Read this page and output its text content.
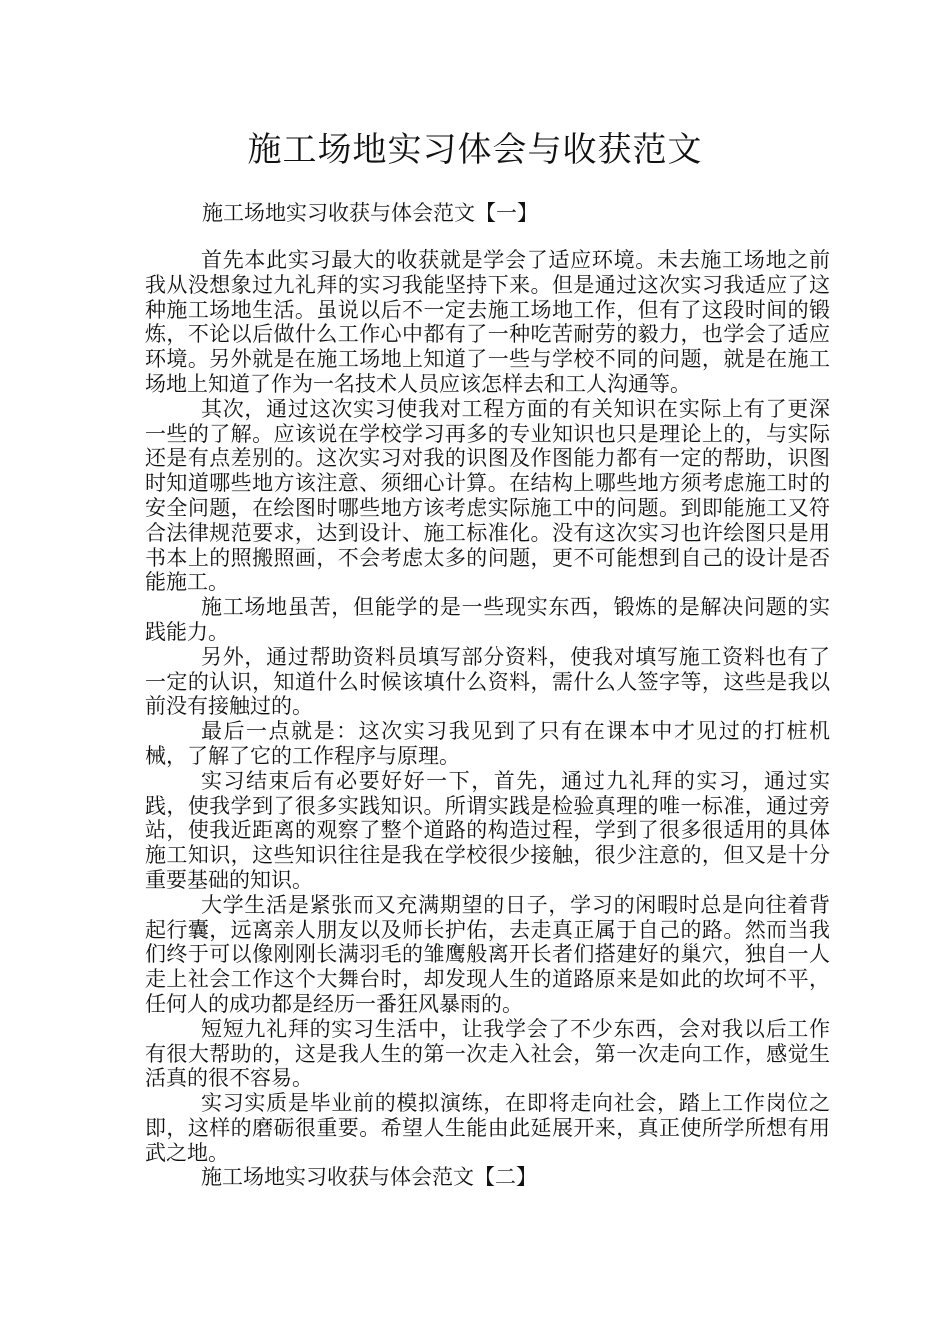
施工场地实习体会与收获范文
施工场地实习收获与体会范文【一】

首先本此实习最大的收获就是学会了适应环境。未去施工场地之前我从没想象过九礼拜的实习我能坚持下来。但是通过这次实习我适应了这种施工场地生活。虽说以后不一定去施工场地工作，但有了这段时间的锻炼，不论以后做什么工作心中都有了一种吃苦耐劳的毅力，也学会了适应环境。另外就是在施工场地上知道了一些与学校不同的问题，就是在施工场地上知道了作为一名技术人员应该怎样去和工人沟通等。

其次，通过这次实习使我对工程方面的有关知识在实际上有了更深一些的了解。应该说在学校学习再多的专业知识也只是理论上的，与实际还是有点差别的。这次实习对我的识图及作图能力都有一定的帮助，识图时知道哪些地方该注意、须细心计算。在结构上哪些地方须考虑施工时的安全问题，在绘图时哪些地方该考虑实际施工中的问题。到即能施工又符合法律规范要求，达到设计、施工标准化。没有这次实习也许绘图只是用书本上的照搬照画，不会考虑太多的问题，更不可能想到自己的设计是否能施工。

施工场地虽苦，但能学的是一些现实东西，锻炼的是解决问题的实践能力。

另外，通过帮助资料员填写部分资料，使我对填写施工资料也有了一定的认识，知道什么时候该填什么资料，需什么人签字等，这些是我以前没有接触过的。

最后一点就是：这次实习我见到了只有在课本中才见过的打桩机械，了解了它的工作程序与原理。

实习结束后有必要好好一下，首先，通过九礼拜的实习，通过实践，使我学到了很多实践知识。所谓实践是检验真理的唯一标准，通过旁站，使我近距离的观察了整个道路的构造过程，学到了很多很适用的具体施工知识，这些知识往往是我在学校很少接触，很少注意的，但又是十分重要基础的知识。

大学生活是紧张而又充满期望的日子，学习的闲暇时总是向往着背起行囊，远离亲人朋友以及师长护佑，去走真正属于自己的路。然而当我们终于可以像刚刚长满羽毛的雏鹰般离开长者们搭建好的巢穴，独自一人走上社会工作这个大舞台时，却发现人生的道路原来是如此的坎坷不平，任何人的成功都是经历一番狂风暴雨的。

短短九礼拜的实习生活中，让我学会了不少东西，会对我以后工作有很大帮助的，这是我人生的第一次走入社会，第一次走向工作，感觉生活真的很不容易。

实习实质是毕业前的模拟演练，在即将走向社会，踏上工作岗位之即，这样的磨砺很重要。希望人生能由此延展开来，真正使所学所想有用武之地。

施工场地实习收获与体会范文【二】
